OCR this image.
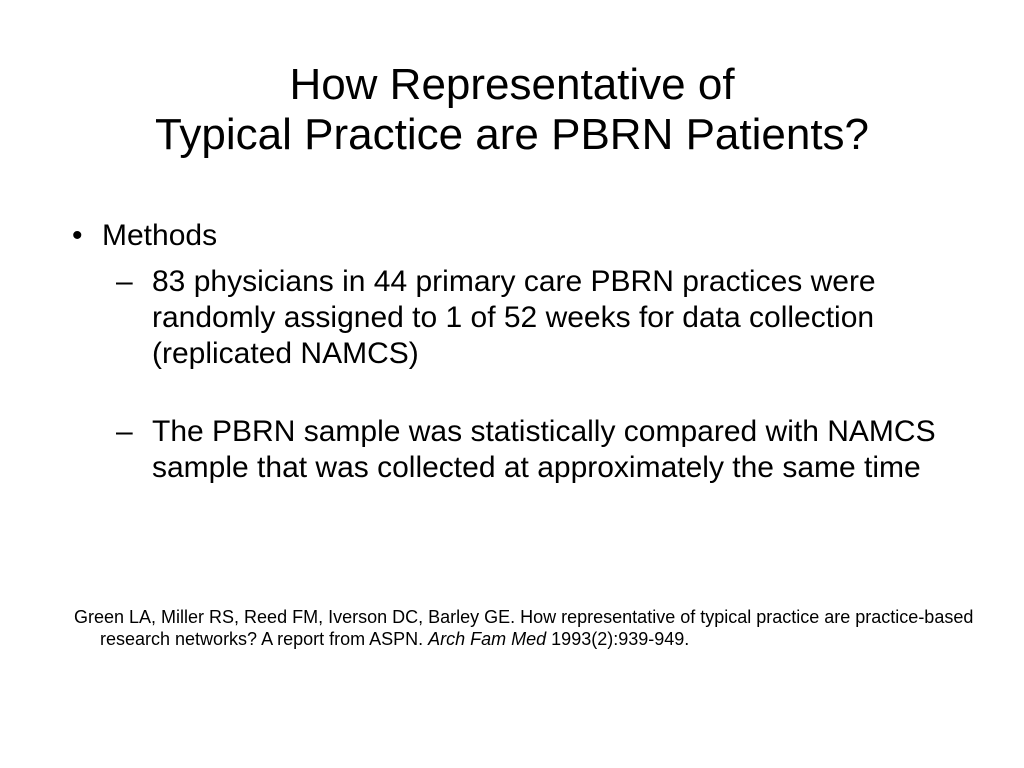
How Representative of
Typical Practice are PBRN Patients?
• Methods
– 83 physicians in 44 primary care PBRN practices were randomly assigned to 1 of 52 weeks for data collection (replicated NAMCS)
– The PBRN sample was statistically compared with NAMCS sample that was collected at approximately the same time
Green LA, Miller RS, Reed FM, Iverson DC, Barley GE. How representative of typical practice are practice-based research networks? A report from ASPN. Arch Fam Med 1993(2):939-949.
